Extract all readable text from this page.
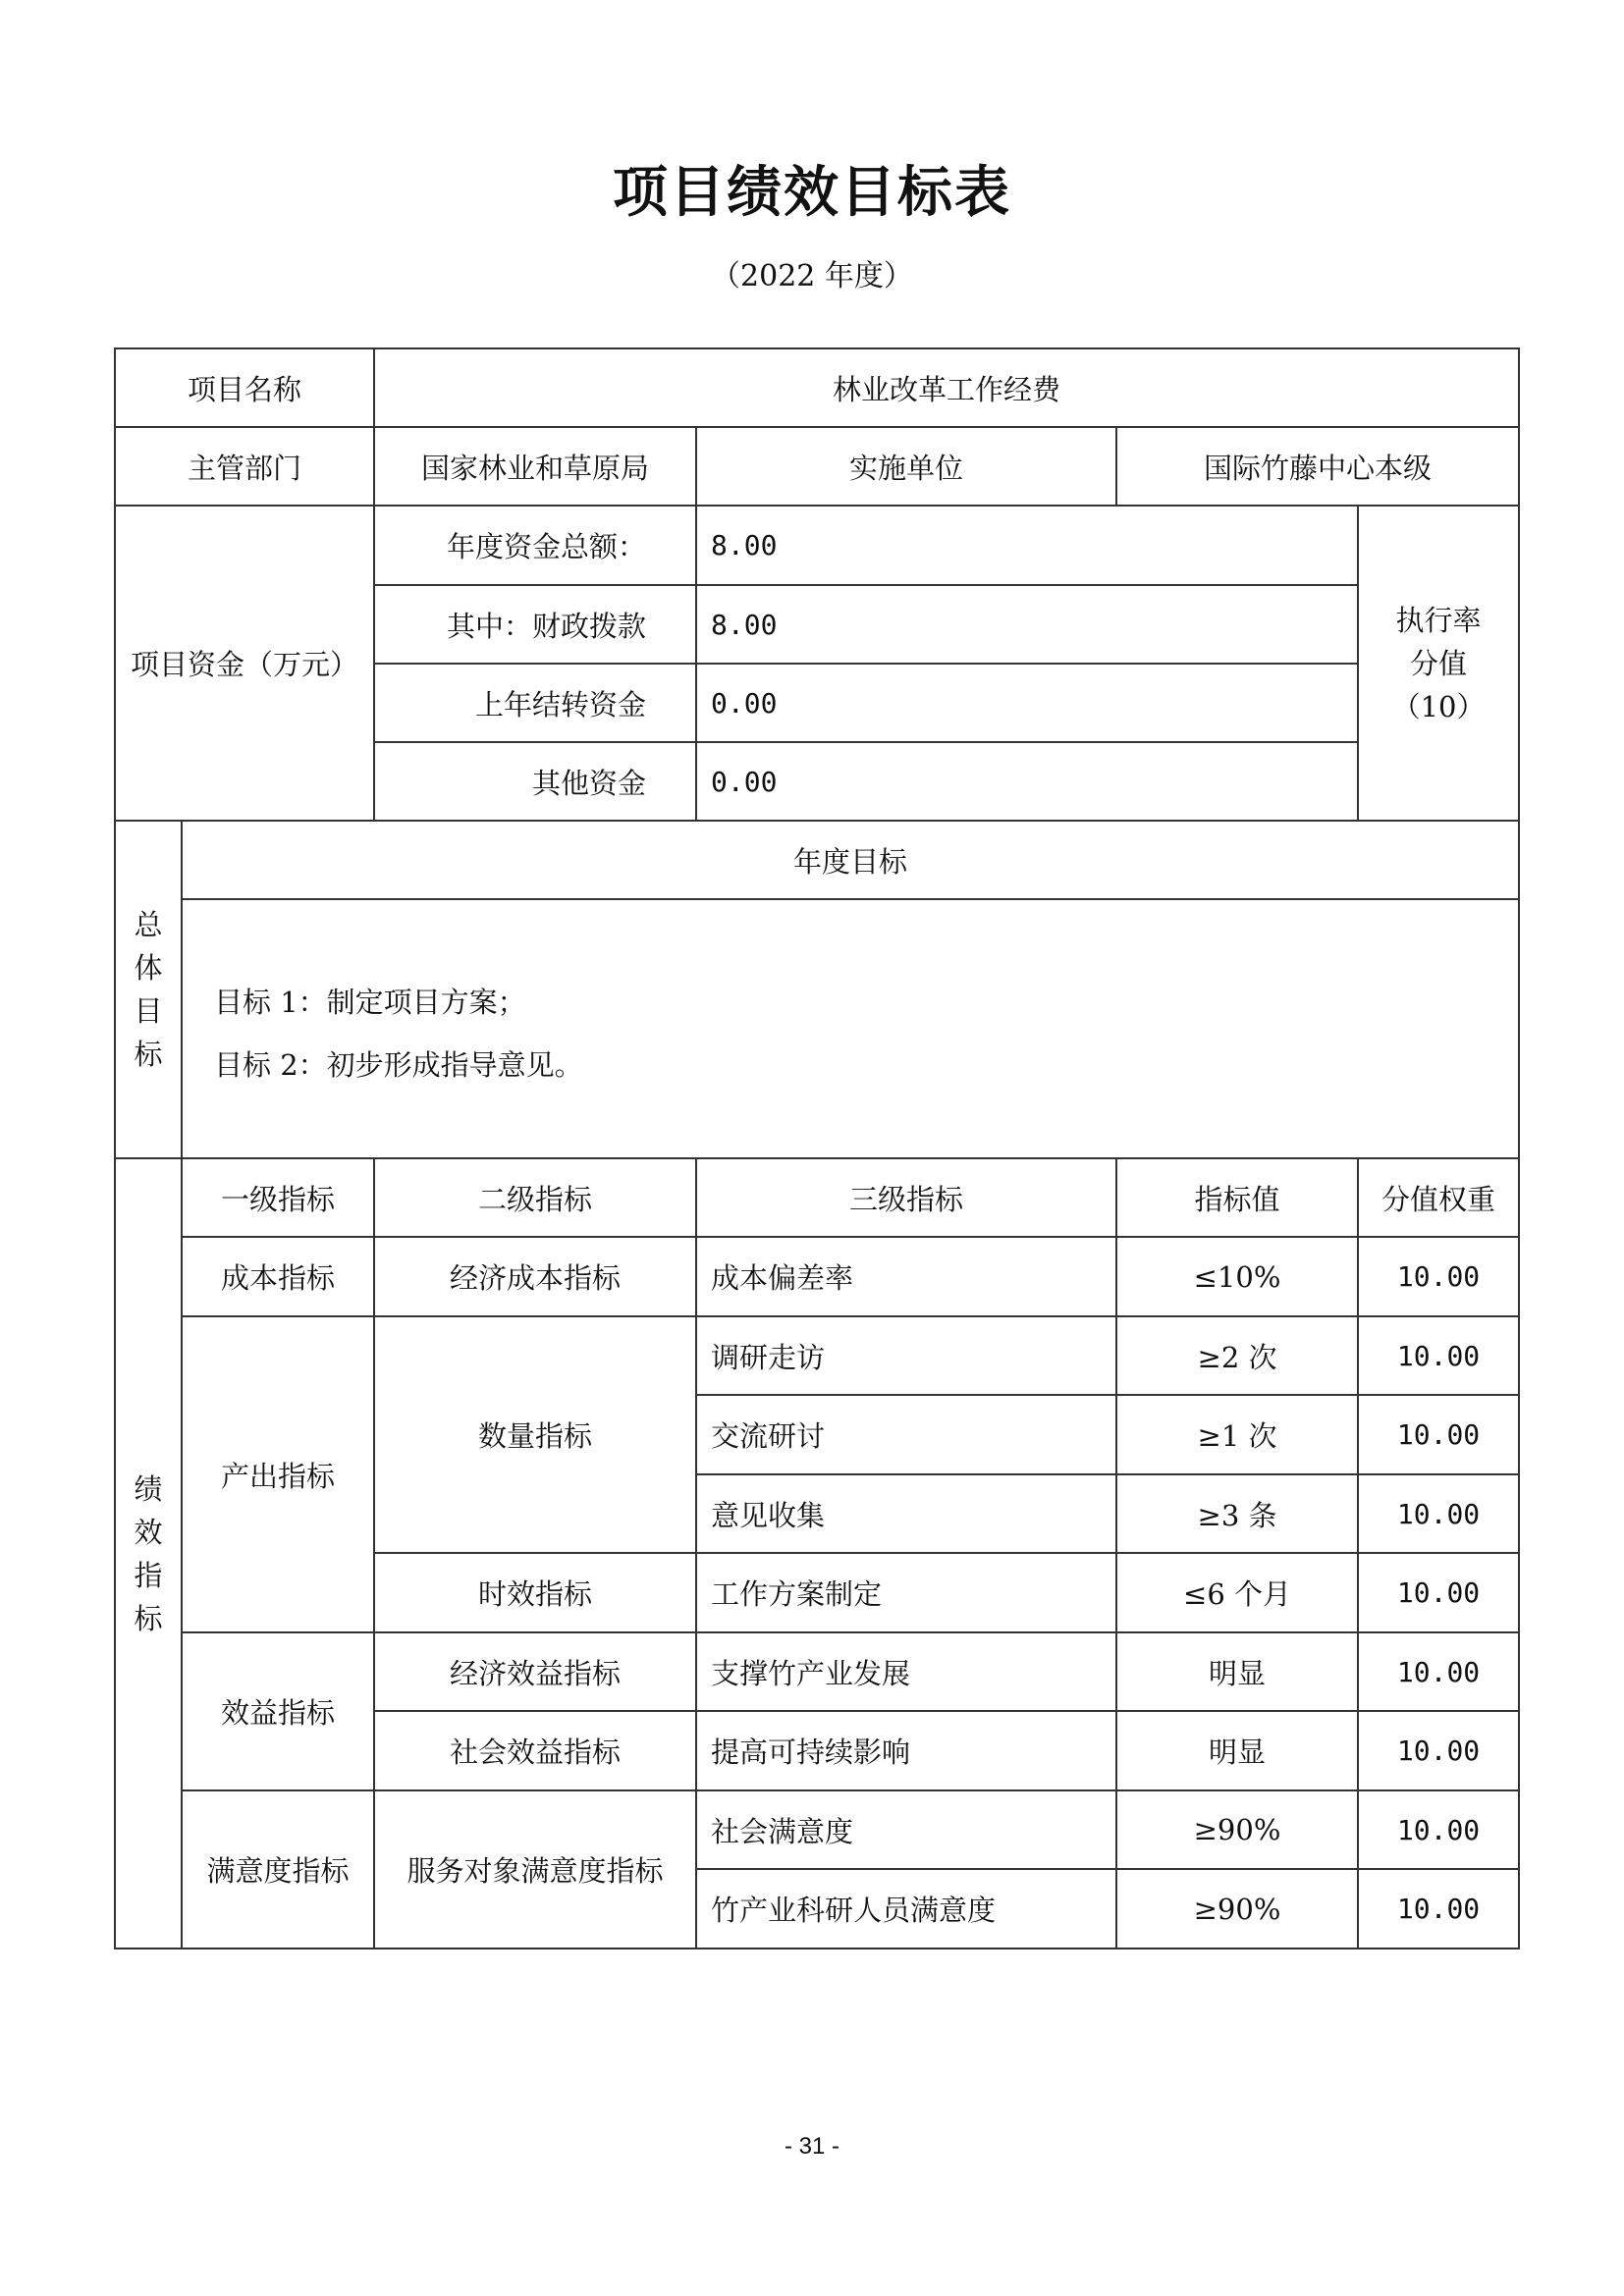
项目绩效目标表
（2022 年度）
项目名称		林业改革工作经费			
主管部门		国家林业和草原局	实施单位	国际竹藤中心本级	
项目资金（万元）		年度资金总额：	8.00		执行率
分值
（10）

		其中：财政拨款	8.00		
		上年结转资金	0.00		
		其他资金	0.00		

总
体
目
标	年度目标				

	目标 1：制定项目方案；
目标 2：初步形成指导意见。				

绩
效
指
标	一级指标	二级指标	三级指标	指标值	分值权重
	成本指标	经济成本指标	成本偏差率	≤10%	10.00
	产出指标	数量指标	调研走访	≥2 次	10.00
			交流研讨	≥1 次	10.00
			意见收集	≥3 条	10.00
		时效指标	工作方案制定	≤6 个月	10.00
	效益指标	经济效益指标	支撑竹产业发展	明显	10.00
		社会效益指标	提高可持续影响	明显	10.00
	满意度指标	服务对象满意度指标	社会满意度	≥90%	10.00
			竹产业科研人员满意度	≥90%	10.00
- 31 -
